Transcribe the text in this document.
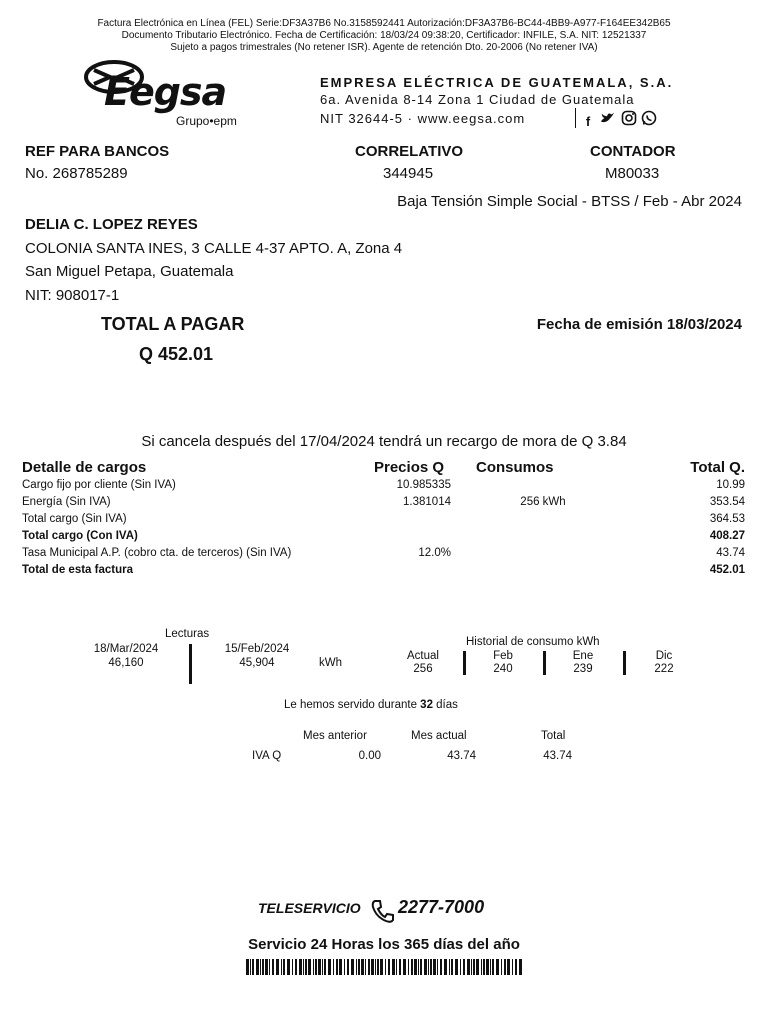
Factura Electrónica en Línea (FEL) Serie:DF3A37B6 No.3158592441 Autorización:DF3A37B6-BC44-4BB9-A977-F164EE342B65
Documento Tributario Electrónico. Fecha de Certificación: 18/03/24 09:38:20, Certificador: INFILE, S.A. NIT: 12521337
Sujeto a pagos trimestrales (No retener ISR). Agente de retención Dto. 20-2006 (No retener IVA)
Eegsa
Grupo•epm
EMPRESA ELÉCTRICA DE GUATEMALA, S.A.
6a. Avenida 8-14 Zona 1 Ciudad de Guatemala
NIT 32644-5 · www.eegsa.com	f
REF PARA BANCOS
No. 268785289
CORRELATIVO
344945
CONTADOR
M80033
Baja Tensión Simple Social - BTSS / Feb - Abr 2024
DELIA C. LOPEZ REYES
COLONIA SANTA INES, 3 CALLE 4-37 APTO. A, Zona 4
San Miguel Petapa, Guatemala
NIT: 908017-1
TOTAL A PAGAR
Q 452.01
Fecha de emisión 18/03/2024
Si cancela después del 17/04/2024 tendrá un recargo de mora de Q 3.84
Detalle de cargos	Precios Q Consumos	Total Q.
Cargo fijo por cliente (Sin IVA)	10.985335	10.99
Energía (Sin IVA)	1.381014	256 kWh	353.54
Total cargo (Sin IVA)	364.53
Total cargo (Con IVA)	408.27
Tasa Municipal A.P. (cobro cta. de terceros) (Sin IVA)	12.0%	43.74
Total de esta factura	452.01
Lecturas
18/Mar/2024
46,160
15/Feb/2024
45,904	kWh
Historial de consumo kWh
Actual
256
Feb
240
Ene
239
Dic
222
Le hemos servido durante 32 días
Mes anterior	Mes actual	Total
IVA Q	0.00	43.74	43.74
TELESERVICIO 2277-7000
Servicio 24 Horas los 365 días del año
